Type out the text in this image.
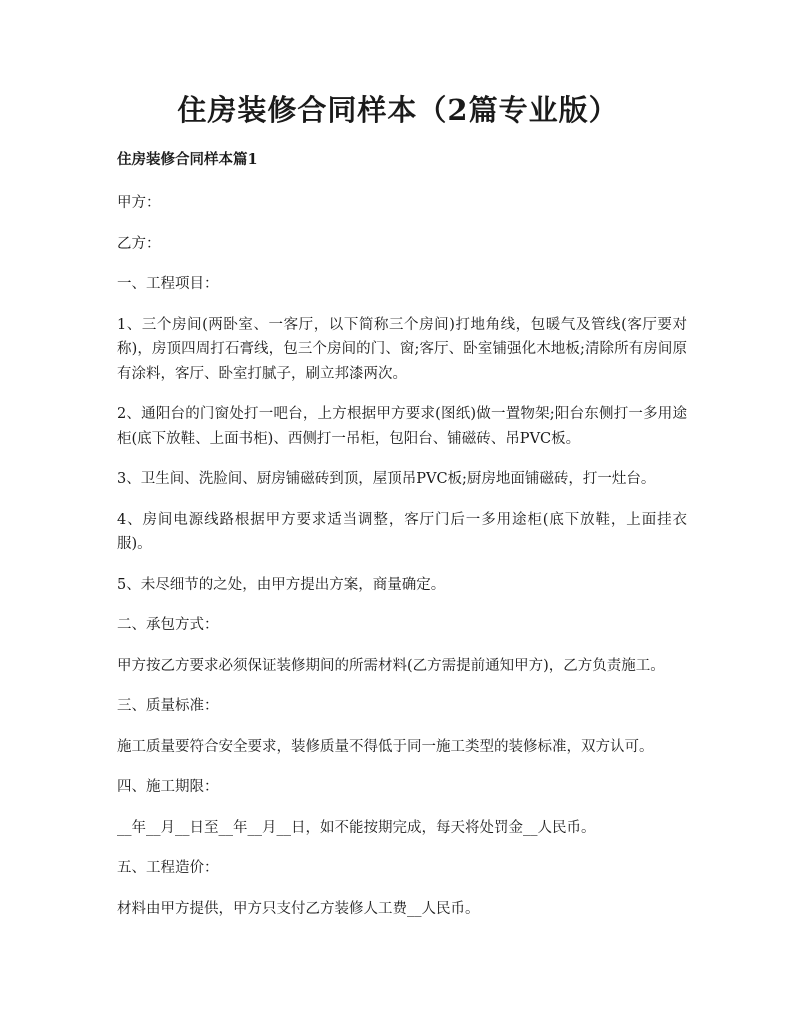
住房装修合同样本（2篇专业版）

住房装修合同样本篇1

甲方：

乙方：

一、工程项目：

1、三个房间(两卧室、一客厅，以下简称三个房间)打地角线，包暖气及管线(客厅要对称)，房顶四周打石膏线，包三个房间的门、窗;客厅、卧室铺强化木地板;清除所有房间原有涂料，客厅、卧室打腻子，刷立邦漆两次。

2、通阳台的门窗处打一吧台，上方根据甲方要求(图纸)做一置物架;阳台东侧打一多用途柜(底下放鞋、上面书柜)、西侧打一吊柜，包阳台、铺磁砖、吊PVC板。

3、卫生间、洗脸间、厨房铺磁砖到顶，屋顶吊PVC板;厨房地面铺磁砖，打一灶台。

4、房间电源线路根据甲方要求适当调整，客厅门后一多用途柜(底下放鞋，上面挂衣服)。

5、未尽细节的之处，由甲方提出方案，商量确定。

二、承包方式：

甲方按乙方要求必须保证装修期间的所需材料(乙方需提前通知甲方)，乙方负责施工。

三、质量标准：

施工质量要符合安全要求，装修质量不得低于同一施工类型的装修标准，双方认可。

四、施工期限：

__年__月__日至__年__月__日，如不能按期完成，每天将处罚金__人民币。

五、工程造价：

材料由甲方提供，甲方只支付乙方装修人工费__人民币。
